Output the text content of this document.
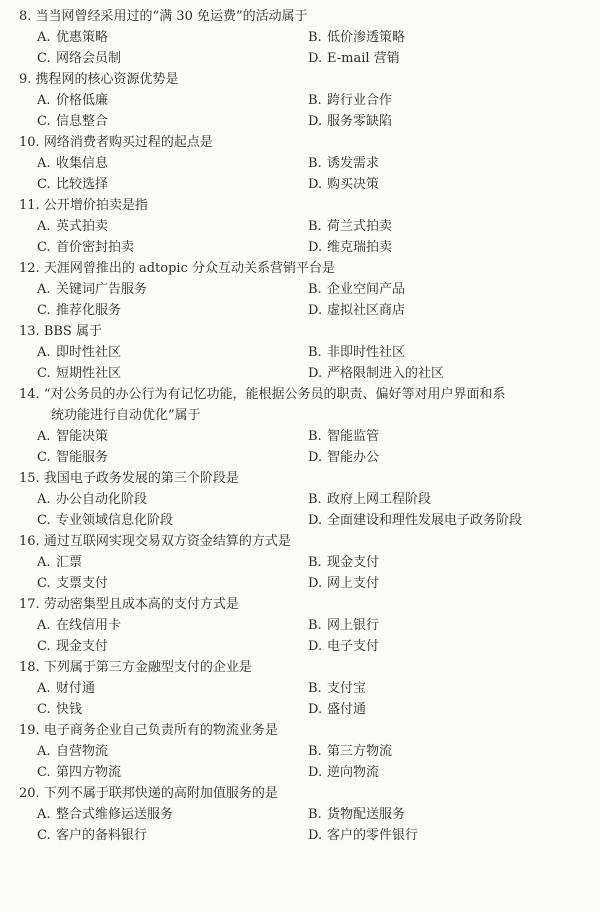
8. 当当网曾经采用过的“满 30 免运费”的活动属于
A. 优惠策略	B. 低价渗透策略
C. 网络会员制	D. E-mail 营销
9. 携程网的核心资源优势是
A. 价格低廉	B. 跨行业合作
C. 信息整合	D. 服务零缺陷
10. 网络消费者购买过程的起点是
A. 收集信息	B. 诱发需求
C. 比较选择	D. 购买决策
11. 公开增价拍卖是指
A. 英式拍卖	B. 荷兰式拍卖
C. 首价密封拍卖	D. 维克瑞拍卖
12. 天涯网曾推出的 adtopic 分众互动关系营销平台是
A. 关键词广告服务	B. 企业空间产品
C. 推荐化服务	D. 虚拟社区商店
13. BBS 属于
A. 即时性社区	B. 非即时性社区
C. 短期性社区	D. 严格限制进入的社区
14. “对公务员的办公行为有记忆功能，能根据公务员的职责、偏好等对用户界面和系
统功能进行自动优化”属于
A. 智能决策	B. 智能监管
C. 智能服务	D. 智能办公
15. 我国电子政务发展的第三个阶段是
A. 办公自动化阶段	B. 政府上网工程阶段
C. 专业领域信息化阶段	D. 全面建设和理性发展电子政务阶段
16. 通过互联网实现交易双方资金结算的方式是
A. 汇票	B. 现金支付
C. 支票支付	D. 网上支付
17. 劳动密集型且成本高的支付方式是
A. 在线信用卡	B. 网上银行
C. 现金支付	D. 电子支付
18. 下列属于第三方金融型支付的企业是
A. 财付通	B. 支付宝
C. 快钱	D. 盛付通
19. 电子商务企业自己负责所有的物流业务是
A. 自营物流	B. 第三方物流
C. 第四方物流	D. 逆向物流
20. 下列不属于联邦快递的高附加值服务的是
A. 整合式维修运送服务	B. 货物配送服务
C. 客户的备料银行	D. 客户的零件银行
